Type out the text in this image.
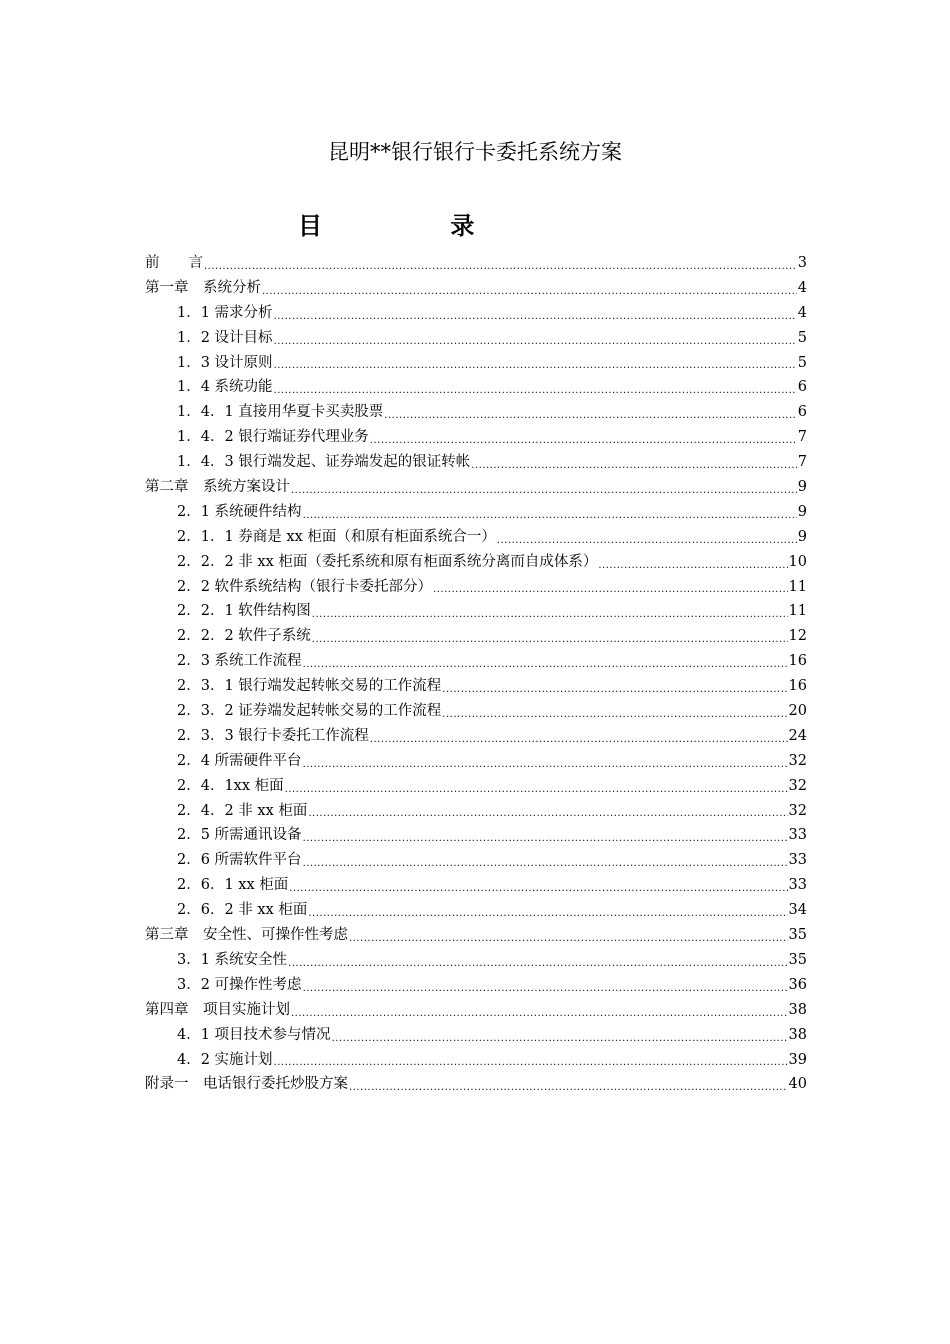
昆明**银行银行卡委托系统方案
目 录
前　　言 .....	3
第一章　系统分析 .....	4
1．1 需求分析 .....	4
1．2 设计目标 .....	5
1．3 设计原则 .....	5
1．4 系统功能 .....	6
1．4．1 直接用华夏卡买卖股票 .....	6
1．4．2 银行端证券代理业务 .....	7
1．4．3 银行端发起、证券端发起的银证转帐 .....	7
第二章　系统方案设计 .....	9
2．1 系统硬件结构 .....	9
2．1．1 券商是 xx 柜面（和原有柜面系统合一） .....	9
2．2．2 非 xx 柜面（委托系统和原有柜面系统分离而自成体系） .....	10
2．2 软件系统结构（银行卡委托部分） .....	11
2．2．1 软件结构图 .....	11
2．2．2 软件子系统 .....	12
2．3 系统工作流程 .....	16
2．3．1 银行端发起转帐交易的工作流程 .....	16
2．3．2 证券端发起转帐交易的工作流程 .....	20
2．3．3 银行卡委托工作流程 .....	24
2．4 所需硬件平台 .....	32
2．4．1xx 柜面 .....	32
2．4．2 非 xx 柜面 .....	32
2．5 所需通讯设备 .....	33
2．6 所需软件平台 .....	33
2．6．1 xx 柜面 .....	33
2．6．2 非 xx 柜面 .....	34
第三章　安全性、可操作性考虑 .....	35
3．1 系统安全性 .....	35
3．2 可操作性考虑 .....	36
第四章　项目实施计划 .....	38
4．1 项目技术参与情况 .....	38
4．2 实施计划 .....	39
附录一　电话银行委托炒股方案 .....	40
